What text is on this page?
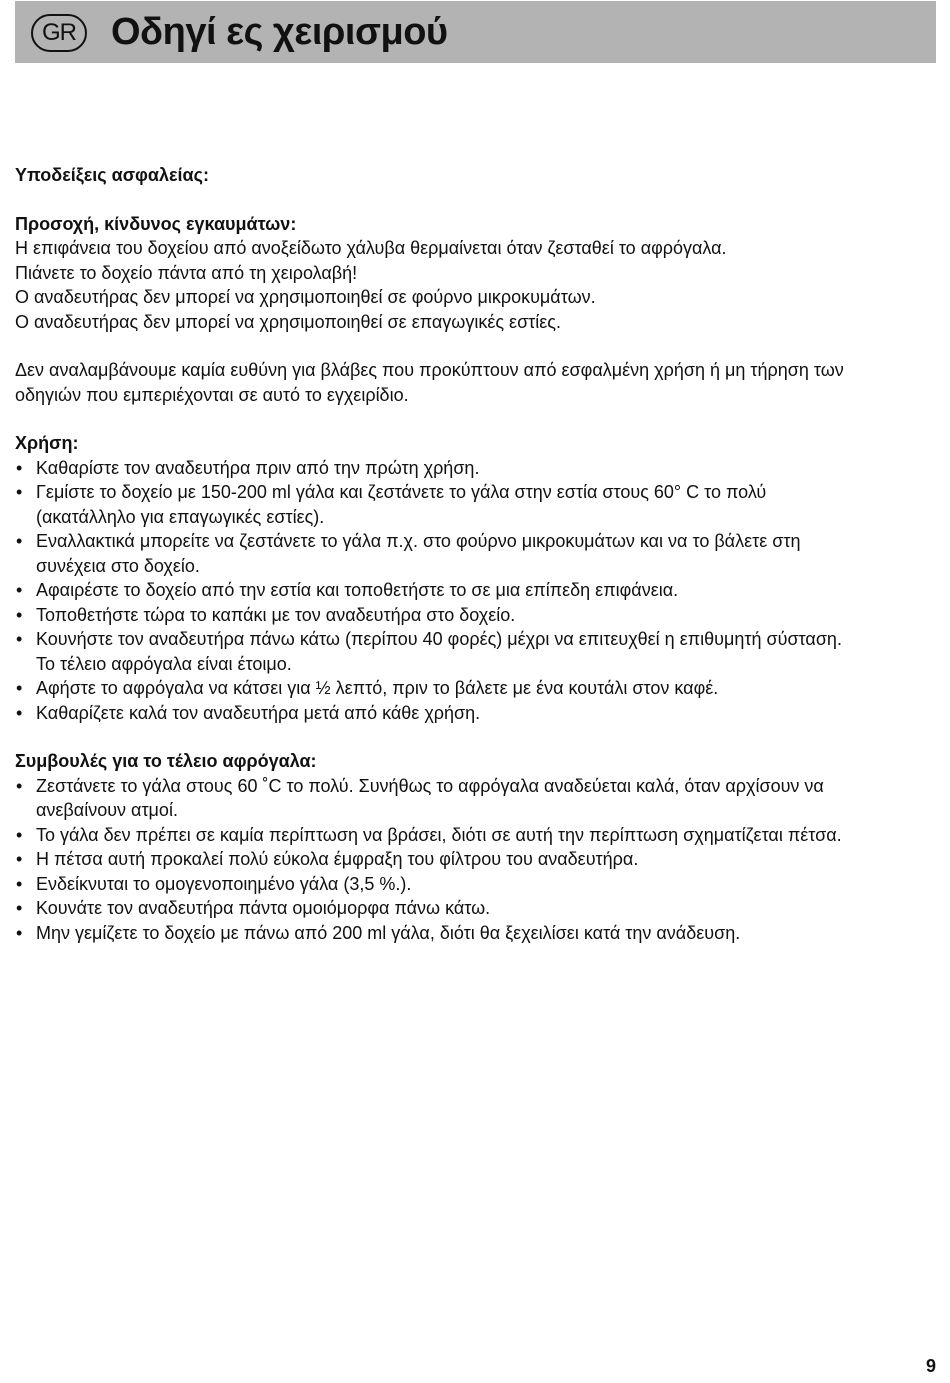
GR Οδηγί ες χειρισμού

Υποδείξεις ασφαλείας:

Προσοχή, κίνδυνος εγκαυμάτων:

Η επιφάνεια του δοχείου από ανοξείδωτο χάλυβα θερμαίνεται όταν ζεσταθεί το αφρόγαλα.

Πιάνετε το δοχείο πάντα από τη χειρολαβή!

Ο αναδευτήρας δεν μπορεί να χρησιμοποιηθεί σε φούρνο μικροκυμάτων.

Ο αναδευτήρας δεν μπορεί να χρησιμοποιηθεί σε επαγωγικές εστίες.

Δεν αναλαμβάνουμε καμία ευθύνη για βλάβες που προκύπτουν από εσφαλμένη χρήση ή μη τήρηση των

οδηγιών που εμπεριέχονται σε αυτό το εγχειρίδιο.

Χρήση:

• Καθαρίστε τον αναδευτήρα πριν από την πρώτη χρήση.
• Γεμίστε το δοχείο με 150-200 ml γάλα και ζεστάνετε το γάλα στην εστία στους 60° C το πολύ
(ακατάλληλο για επαγωγικές εστίες).
• Εναλλακτικά μπορείτε να ζεστάνετε το γάλα π.χ. στο φούρνο μικροκυμάτων και να το βάλετε στη
συνέχεια στο δοχείο.
• Αφαιρέστε το δοχείο από την εστία και τοποθετήστε το σε μια επίπεδη επιφάνεια.
• Τοποθετήστε τώρα το καπάκι με τον αναδευτήρα στο δοχείο.
• Κουνήστε τον αναδευτήρα πάνω κάτω (περίπου 40 φορές) μέχρι να επιτευχθεί η επιθυμητή σύσταση.
Το τέλειο αφρόγαλα είναι έτοιμο.
• Αφήστε το αφρόγαλα να κάτσει για ½ λεπτό, πριν το βάλετε με ένα κουτάλι στον καφέ.
• Καθαρίζετε καλά τον αναδευτήρα μετά από κάθε χρήση.

Συμβουλές για το τέλειο αφρόγαλα:

• Ζεστάνετε το γάλα στους 60 ˚C το πολύ. Συνήθως το αφρόγαλα αναδεύεται καλά, όταν αρχίσουν να
ανεβαίνουν ατμοί.
• Το γάλα δεν πρέπει σε καμία περίπτωση να βράσει, διότι σε αυτή την περίπτωση σχηματίζεται πέτσα.
• Η πέτσα αυτή προκαλεί πολύ εύκολα έμφραξη του φίλτρου του αναδευτήρα.
• Ενδείκνυται το ομογενοποιημένο γάλα (3,5 %.).
• Κουνάτε τον αναδευτήρα πάντα ομοιόμορφα πάνω κάτω.
• Μην γεμίζετε το δοχείο με πάνω από 200 ml γάλα, διότι θα ξεχειλίσει κατά την ανάδευση.
9
